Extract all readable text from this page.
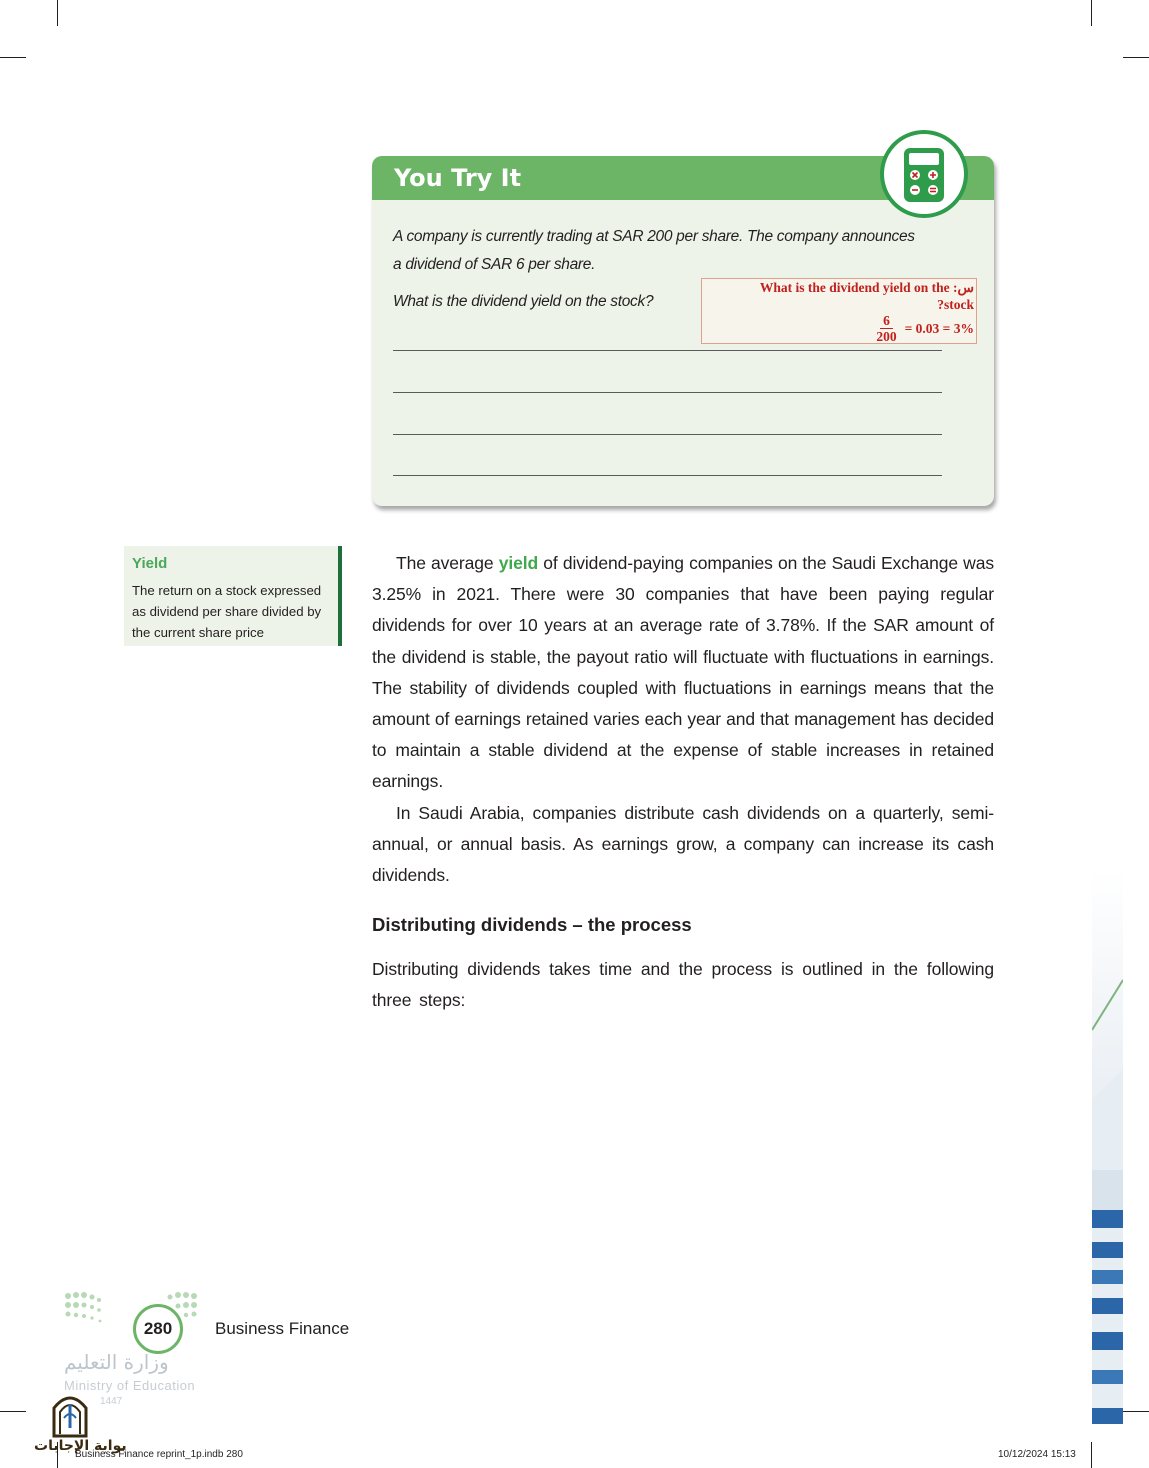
You Try It
A company is currently trading at SAR 200 per share. The company announces
a dividend of SAR 6 per share.
What is the dividend yield on the stock?
What is the dividend yield on the :س
?stock
$\frac{6}{200} = 0.03 = 3\%$
Yield
The return on a stock expressed as dividend per share divided by the current share price
The average yield of dividend-paying companies on the Saudi Exchange was 3.25% in 2021. There were 30 companies that have been paying regular dividends for over 10 years at an average rate of 3.78%. If the SAR amount of the dividend is stable, the payout ratio will fluctuate with fluctuations in earnings. The stability of dividends coupled with fluctuations in earnings means that the amount of earnings retained varies each year and that management has decided to maintain a stable dividend at the expense of stable increases in retained earnings.
In Saudi Arabia, companies distribute cash dividends on a quarterly, semi-annual, or annual basis. As earnings grow, a company can increase its cash dividends.
Distributing dividends – the process
Distributing dividends takes time and the process is outlined in the following three steps:
280	Business Finance
وزارة التعليم
Ministry of Education
1447
بوابة الإجابات
Business Finance reprint_1p.indb 280	10/12/2024 15:13
